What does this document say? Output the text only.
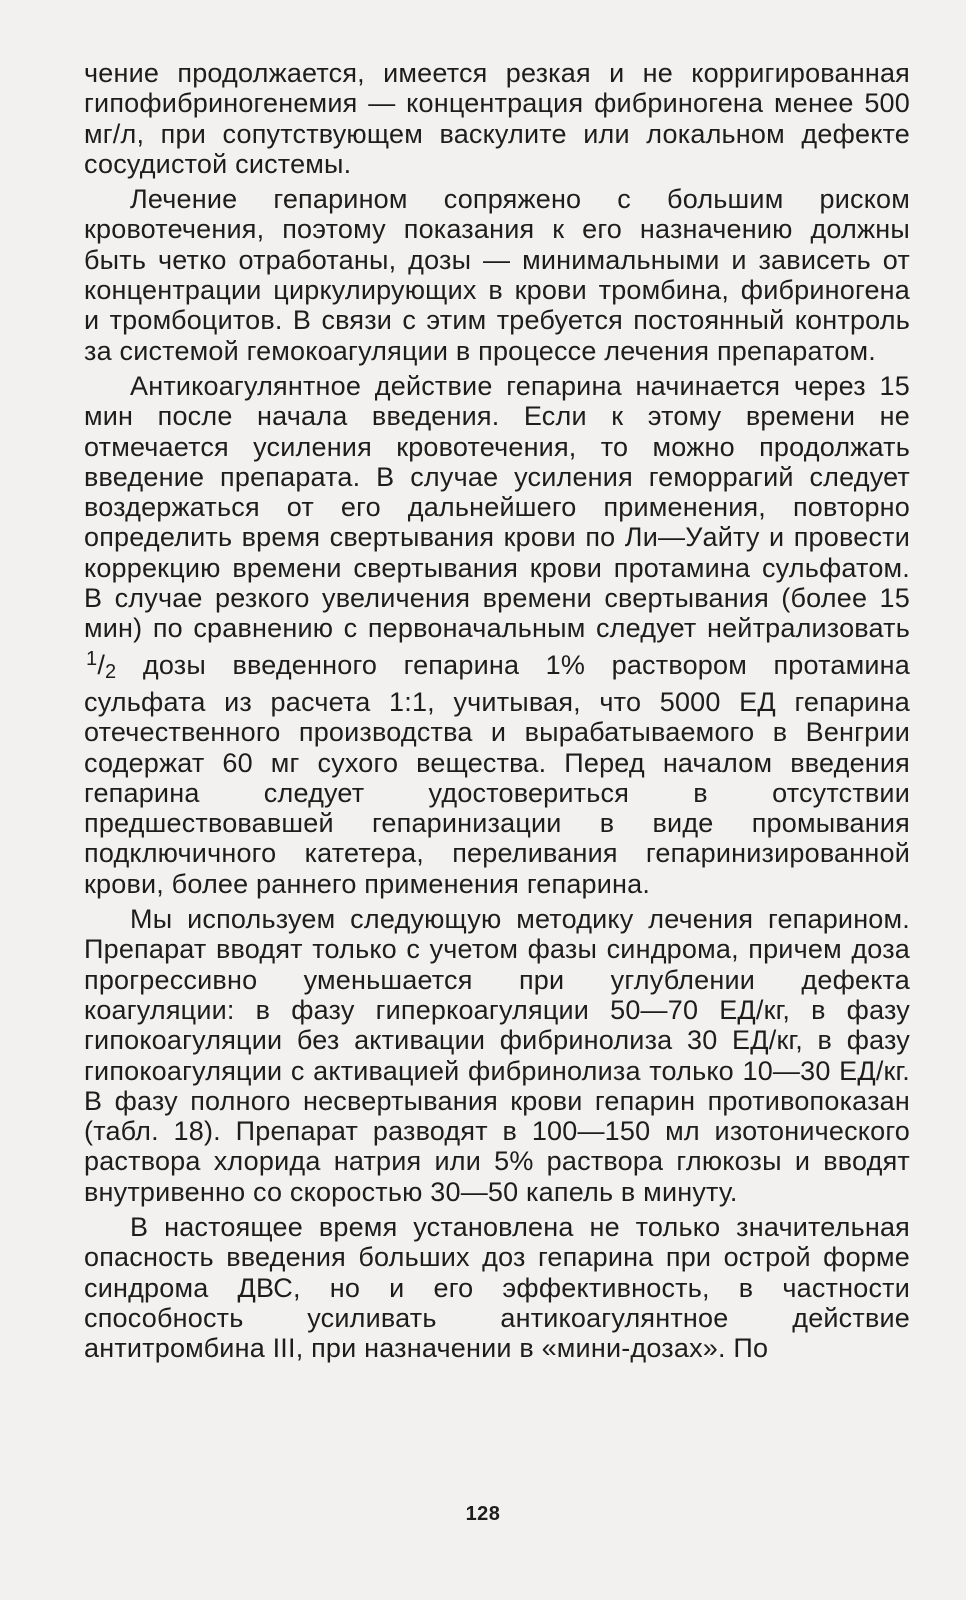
чение продолжается, имеется резкая и не корригированная гипофибриногенемия — концентрация фибриногена менее 500 мг/л, при сопутствующем васкулите или локальном дефекте сосудистой системы.

Лечение гепарином сопряжено с большим риском кровотечения, поэтому показания к его назначению должны быть четко отработаны, дозы — минимальными и зависеть от концентрации циркулирующих в крови тромбина, фибриногена и тромбоцитов. В связи с этим требуется постоянный контроль за системой гемокоагуляции в процессе лечения препаратом.

Антикоагулянтное действие гепарина начинается через 15 мин после начала введения. Если к этому времени не отмечается усиления кровотечения, то можно продолжать введение препарата. В случае усиления геморрагий следует воздержаться от его дальнейшего применения, повторно определить время свертывания крови по Ли—Уайту и провести коррекцию времени свертывания крови протамина сульфатом. В случае резкого увеличения времени свертывания (более 15 мин) по сравнению с первоначальным следует нейтрализовать $^1$/2 дозы введенного гепарина 1% раствором протамина сульфата из расчета 1:1, учитывая, что 5000 ЕД гепарина отечественного производства и вырабатываемого в Венгрии содержат 60 мг сухого вещества. Перед началом введения гепарина следует удостовериться в отсутствии предшествовавшей гепаринизации в виде промывания подключичного катетера, переливания гепаринизированной крови, более раннего применения гепарина.

Мы используем следующую методику лечения гепарином. Препарат вводят только с учетом фазы синдрома, причем доза прогрессивно уменьшается при углублении дефекта коагуляции: в фазу гиперкоагуляции 50—70 ЕД/кг, в фазу гипокоагуляции без активации фибринолиза 30 ЕД/кг, в фазу гипокоагуляции с активацией фибринолиза только 10—30 ЕД/кг. В фазу полного несвертывания крови гепарин противопоказан (табл. 18). Препарат разводят в 100—150 мл изотонического раствора хлорида натрия или 5% раствора глюкозы и вводят внутривенно со скоростью 30—50 капель в минуту.

В настоящее время установлена не только значительная опасность введения больших доз гепарина при острой форме синдрома ДВС, но и его эффективность, в частности способность усиливать антикоагулянтное действие антитромбина III, при назначении в «мини-дозах». По

128
